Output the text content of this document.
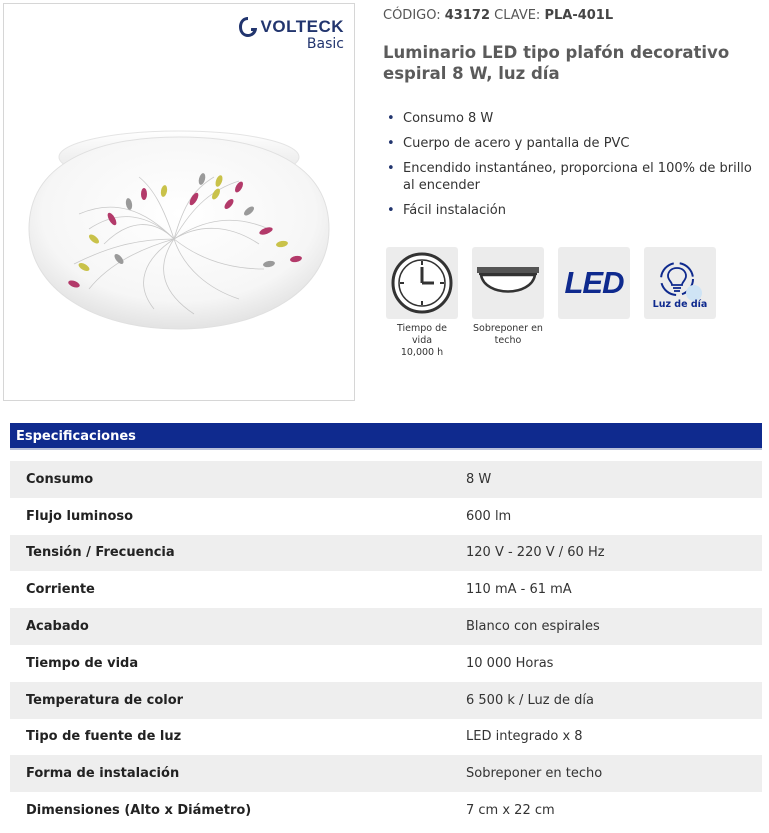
VOLTECK
Basic
CÓDIGO: 43172 CLAVE: PLA-401L
Luminario LED tipo plafón decorativo espiral 8 W, luz día
• Consumo 8 W
• Cuerpo de acero y pantalla de PVC
• Encendido instantáneo, proporciona el 100% de brillo al encender
• Fácil instalación
Tiempo de vida
10,000 h
Sobreponer en
techo
LED
Luz de día
Especificaciones
Consumo	8 W
Flujo luminoso	600 lm
Tensión / Frecuencia	120 V - 220 V / 60 Hz
Corriente	110 mA - 61 mA
Acabado	Blanco con espirales
Tiempo de vida	10 000 Horas
Temperatura de color	6 500 k / Luz de día
Tipo de fuente de luz	LED integrado x 8
Forma de instalación	Sobreponer en techo
Dimensiones (Alto x Diámetro)	7 cm x 22 cm
